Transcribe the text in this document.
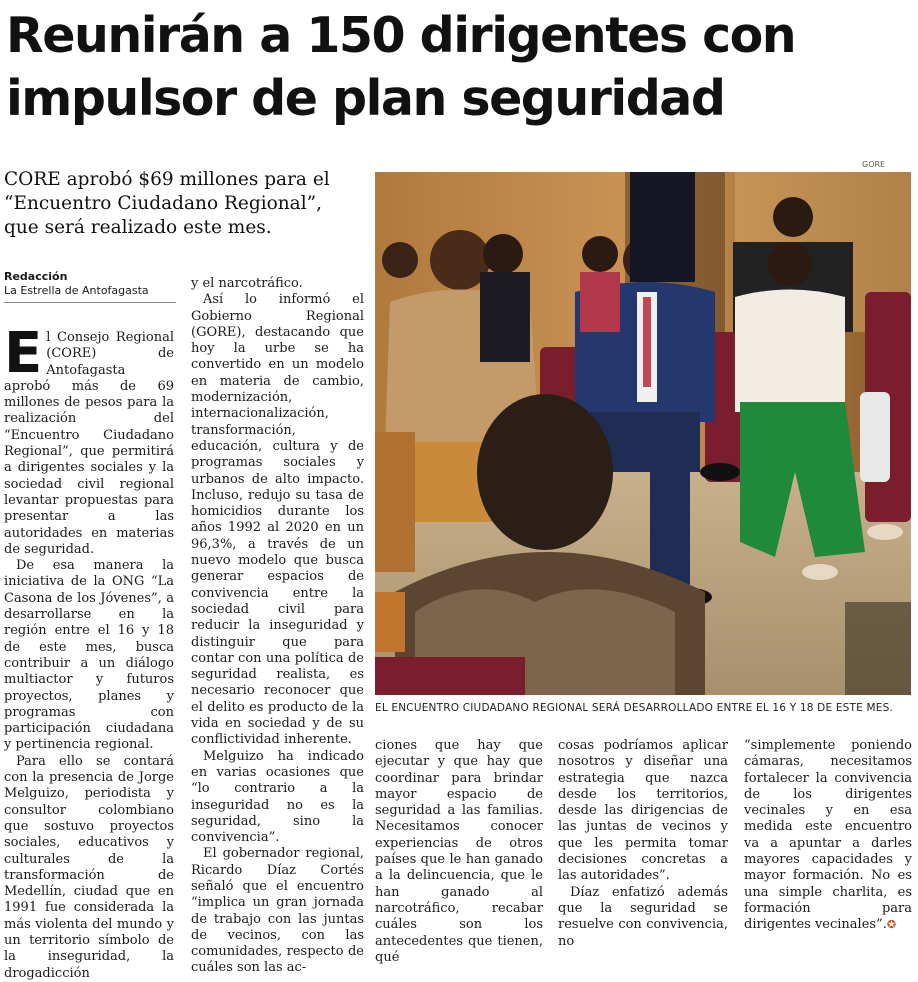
Reunirán a 150 dirigentes con impulsor de plan seguridad
GORE

CORE aprobó $69 millones para el “Encuentro Ciudadano Regional”, que será realizado este mes.

Redacción
La Estrella de Antofagasta
EL ENCUENTRO CIUDADANO REGIONAL SERÁ DESARROLLADO ENTRE EL 16 Y 18 DE ESTE MES.
E l Consejo Regional (CORE) de Antofagasta aprobó más de 69 millones de pesos para la realización del “Encuentro Ciudadano Regional”, que permitirá a dirigentes sociales y la sociedad civil regional levantar propuestas para presentar a las autoridades en materias de seguridad.

De esa manera la iniciativa de la ONG “La Casona de los Jóvenes”, a desarrollarse en la región entre el 16 y 18 de este mes, busca contribuir a un diálogo multiactor y futuros proyectos, planes y programas con participación ciudadana y pertinencia regional.

Para ello se contará con la presencia de Jorge Melguizo, periodista y consultor colombiano que sostuvo proyectos sociales, educativos y culturales de la transformación de Medellín, ciudad que en 1991 fue considerada la más violenta del mundo y un territorio símbolo de la inseguridad, la drogadicción

y el narcotráfico.

Así lo informó el Gobierno Regional (GORE), destacando que hoy la urbe se ha convertido en un modelo en materia de cambio, modernización, internacionalización, transformación, educación, cultura y de programas sociales y urbanos de alto impacto. Incluso, redujo su tasa de homicidios durante los años 1992 al 2020 en un 96,3%, a través de un nuevo modelo que busca generar espacios de convivencia entre la sociedad civil para reducir la inseguridad y distinguir que para contar con una política de seguridad realista, es necesario reconocer que el delito es producto de la vida en sociedad y de su conflictividad inherente.

Melguizo ha indicado en varias ocasiones que “lo contrario a la inseguridad no es la seguridad, sino la convivencia”.

El gobernador regional, Ricardo Díaz Cortés señaló que el encuentro “implica un gran jornada de trabajo con las juntas de vecinos, con las comunidades, respecto de cuáles son las ac-

ciones que hay que ejecutar y que hay que coordinar para brindar mayor espacio de seguridad a las familias. Necesitamos conocer experiencias de otros países que le han ganado a la delincuencia, que le han ganado al narcotráfico, recabar cuáles son los antecedentes que tienen, qué

cosas podríamos aplicar nosotros y diseñar una estrategia que nazca desde los territorios, desde las dirigencias de las juntas de vecinos y que les permita tomar decisiones concretas a las autoridades”.

Díaz enfatizó además que la seguridad se resuelve con convivencia, no

“simplemente poniendo cámaras, necesitamos fortalecer la convivencia de los dirigentes vecinales y en esa medida este encuentro va a apuntar a darles mayores capacidades y mayor formación. No es una simple charlita, es formación para dirigentes vecinales”.✪
